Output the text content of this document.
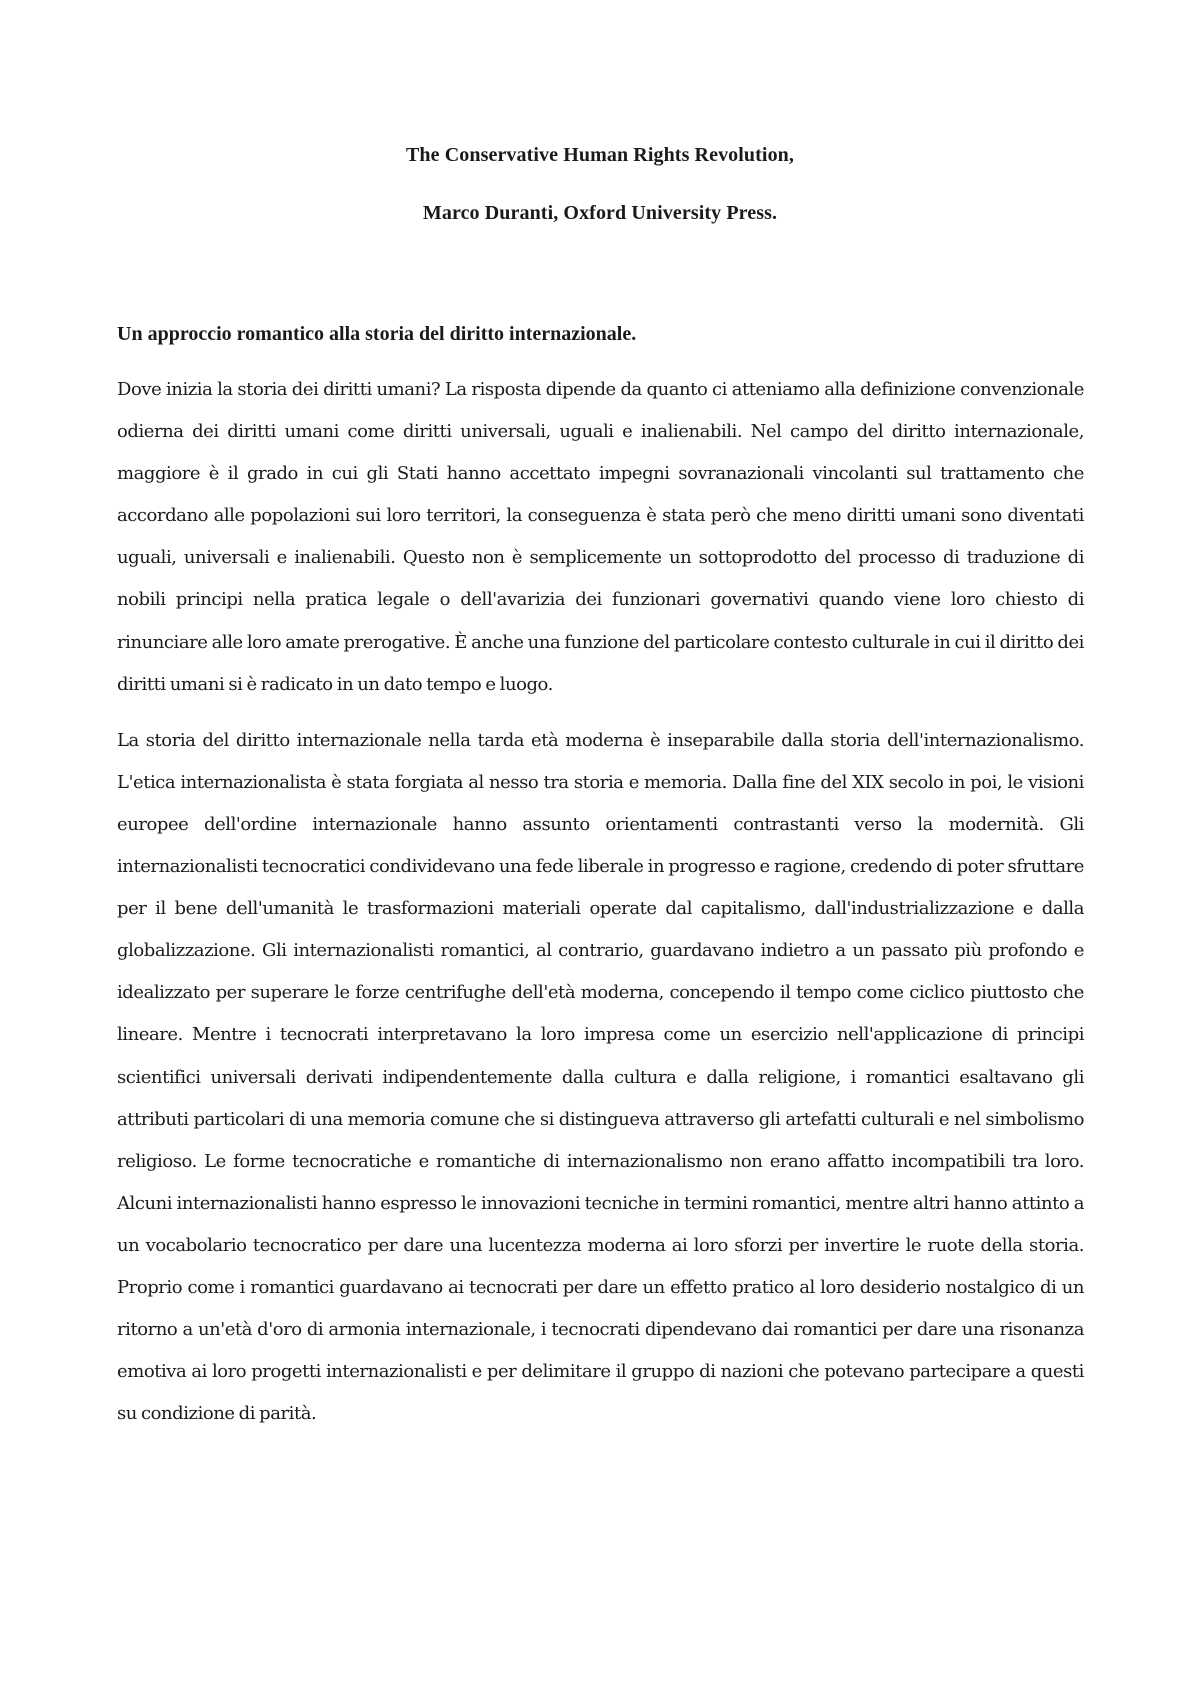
The Conservative Human Rights Revolution,

Marco Duranti, Oxford University Press.

Un approccio romantico alla storia del diritto internazionale.

Dove inizia la storia dei diritti umani? La risposta dipende da quanto ci atteniamo alla definizione convenzionale odierna dei diritti umani come diritti universali, uguali e inalienabili. Nel campo del diritto internazionale, maggiore è il grado in cui gli Stati hanno accettato impegni sovranazionali vincolanti sul trattamento che accordano alle popolazioni sui loro territori, la conseguenza è stata però che meno diritti umani sono diventati uguali, universali e inalienabili. Questo non è semplicemente un sottoprodotto del processo di traduzione di nobili principi nella pratica legale o dell'avarizia dei funzionari governativi quando viene loro chiesto di rinunciare alle loro amate prerogative. È anche una funzione del particolare contesto culturale in cui il diritto dei diritti umani si è radicato in un dato tempo e luogo.

La storia del diritto internazionale nella tarda età moderna è inseparabile dalla storia dell'internazionalismo. L'etica internazionalista è stata forgiata al nesso tra storia e memoria. Dalla fine del XIX secolo in poi, le visioni europee dell'ordine internazionale hanno assunto orientamenti contrastanti verso la modernità. Gli internazionalisti tecnocratici condividevano una fede liberale in progresso e ragione, credendo di poter sfruttare per il bene dell'umanità le trasformazioni materiali operate dal capitalismo, dall'industrializzazione e dalla globalizzazione. Gli internazionalisti romantici, al contrario, guardavano indietro a un passato più profondo e idealizzato per superare le forze centrifughe dell'età moderna, concependo il tempo come ciclico piuttosto che lineare. Mentre i tecnocrati interpretavano la loro impresa come un esercizio nell'applicazione di principi scientifici universali derivati indipendentemente dalla cultura e dalla religione, i romantici esaltavano gli attributi particolari di una memoria comune che si distingueva attraverso gli artefatti culturali e nel simbolismo religioso. Le forme tecnocratiche e romantiche di internazionalismo non erano affatto incompatibili tra loro. Alcuni internazionalisti hanno espresso le innovazioni tecniche in termini romantici, mentre altri hanno attinto a un vocabolario tecnocratico per dare una lucentezza moderna ai loro sforzi per invertire le ruote della storia. Proprio come i romantici guardavano ai tecnocrati per dare un effetto pratico al loro desiderio nostalgico di un ritorno a un'età d'oro di armonia internazionale, i tecnocrati dipendevano dai romantici per dare una risonanza emotiva ai loro progetti internazionalisti e per delimitare il gruppo di nazioni che potevano partecipare a questi su condizione di parità.
